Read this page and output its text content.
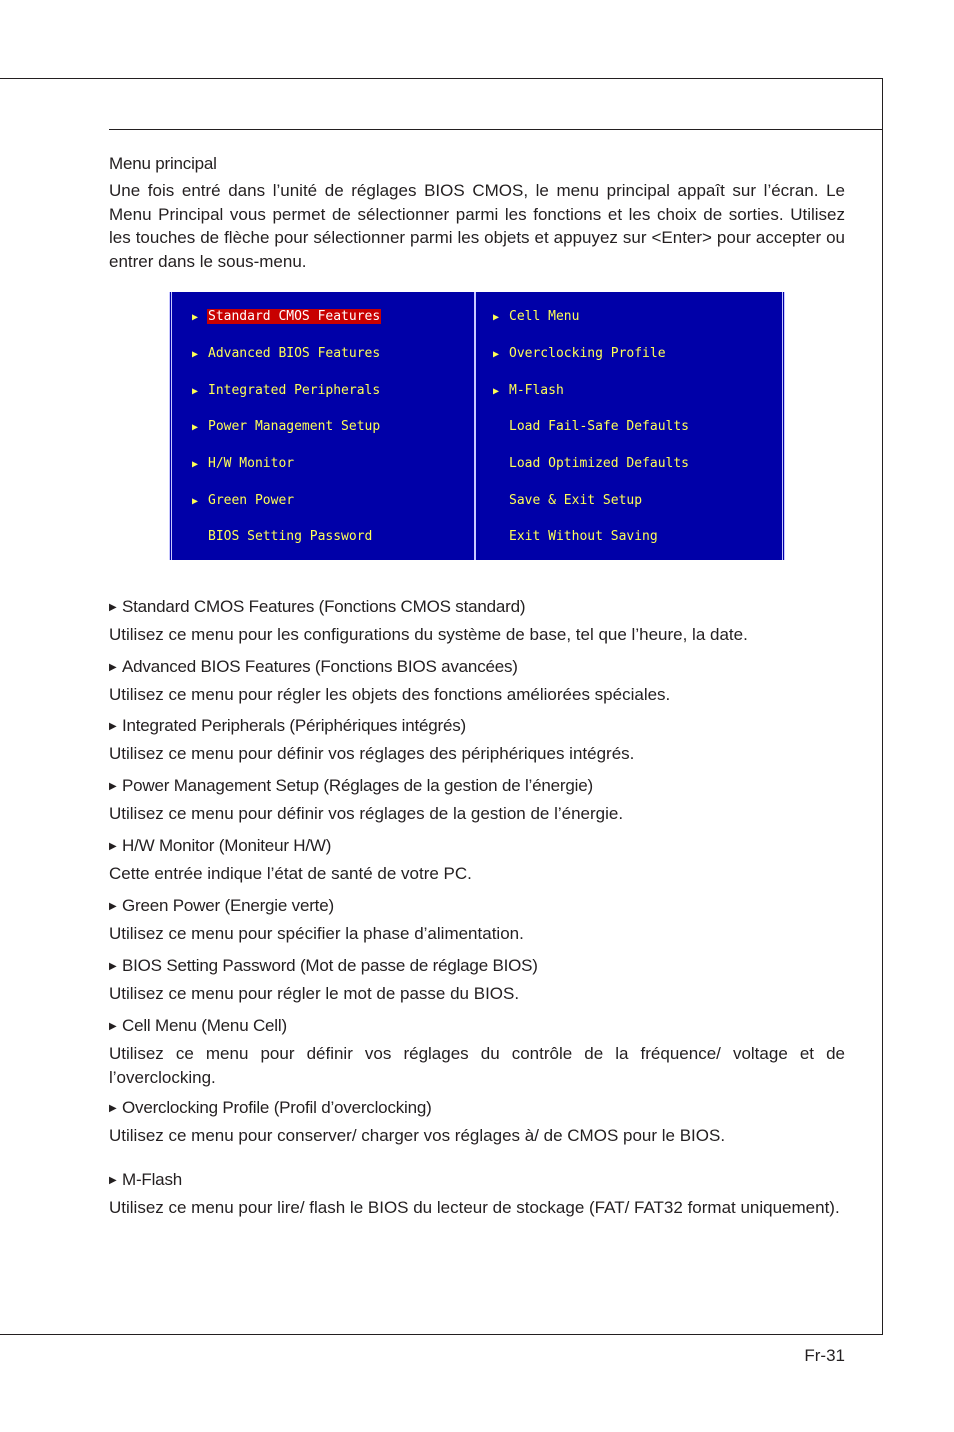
Menu principal
Une fois entré dans l’unité de réglages BIOS CMOS, le menu principal appaît sur l’écran. Le Menu Principal vous permet de sélectionner parmi les fonctions et les choix de sorties. Utilisez les touches de flèche pour sélectionner parmi les objets et appuyez sur <Enter> pour accepter ou entrer dans le sous-menu.
▶ Standard CMOS Features
▶ Advanced BIOS Features
▶ Integrated Peripherals
▶ Power Management Setup
▶ H/W Monitor
▶ Green Power
BIOS Setting Password
▶ Cell Menu
▶ Overclocking Profile
▶ M-Flash
Load Fail-Safe Defaults
Load Optimized Defaults
Save & Exit Setup
Exit Without Saving
▶ Standard CMOS Features (Fonctions CMOS standard)
Utilisez ce menu pour les configurations du système de base, tel que l’heure, la date.
▶ Advanced BIOS Features (Fonctions BIOS avancées)
Utilisez ce menu pour régler les objets des fonctions améliorées spéciales.
▶ Integrated Peripherals (Périphériques intégrés)
Utilisez ce menu pour définir vos réglages des périphériques intégrés.
▶ Power Management Setup (Réglages de la gestion de l’énergie)
Utilisez ce menu pour définir vos réglages de la gestion de l’énergie.
▶ H/W Monitor (Moniteur H/W)
Cette entrée indique l’état de santé de votre PC.
▶ Green Power (Energie verte)
Utilisez ce menu pour spécifier la phase d’alimentation.
▶ BIOS Setting Password (Mot de passe de réglage BIOS)
Utilisez ce menu pour régler le mot de passe du BIOS.
▶ Cell Menu (Menu Cell)
Utilisez ce menu pour définir vos réglages du contrôle de la fréquence/ voltage et de l’overclocking.
▶ Overclocking Profile (Profil d’overclocking)
Utilisez ce menu pour conserver/ charger vos réglages à/ de CMOS pour le BIOS.
▶ M-Flash
Utilisez ce menu pour lire/ flash le BIOS du lecteur de stockage (FAT/ FAT32 format uniquement).
Fr-31
